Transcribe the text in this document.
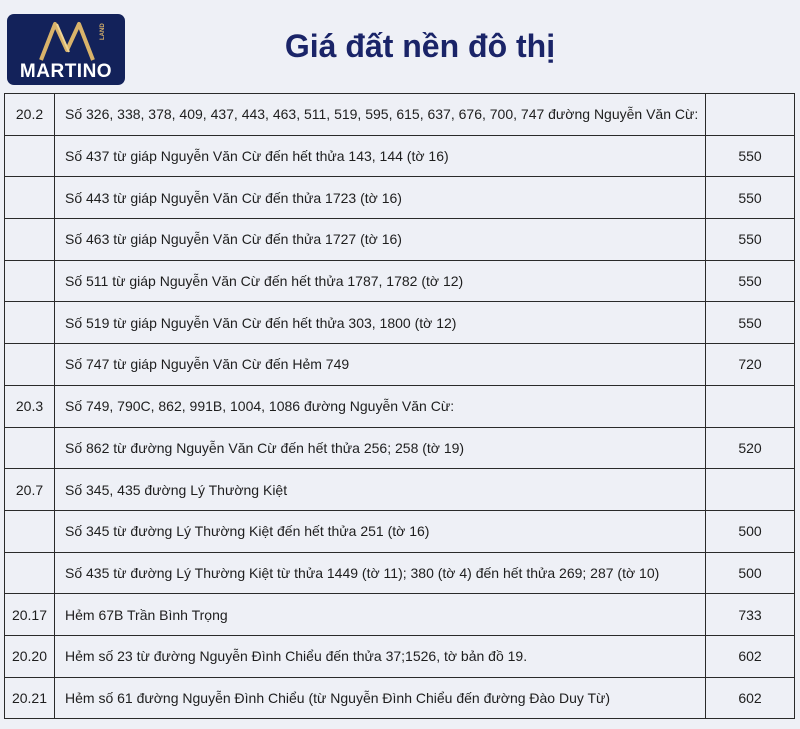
LAND
MARTINO
Giá đất nền đô thị
20.2	Số 326, 338, 378, 409, 437, 443, 463, 511, 519, 595, 615, 637, 676, 700, 747 đường Nguyễn Văn Cừ:	
	Số 437 từ giáp Nguyễn Văn Cừ đến hết thửa 143, 144 (tờ 16)	550
	Số 443 từ giáp Nguyễn Văn Cừ đến thửa 1723 (tờ 16)	550
	Số 463 từ giáp Nguyễn Văn Cừ đến thửa 1727 (tờ 16)	550
	Số 511 từ giáp Nguyễn Văn Cừ đến hết thửa 1787, 1782 (tờ 12)	550
	Số 519 từ giáp Nguyễn Văn Cừ đến hết thửa 303, 1800 (tờ 12)	550
	Số 747 từ giáp Nguyễn Văn Cừ đến Hẻm 749	720
20.3	Số 749, 790C, 862, 991B, 1004, 1086 đường Nguyễn Văn Cừ:	
	Số 862 từ đường Nguyễn Văn Cừ đến hết thửa 256; 258 (tờ 19)	520
20.7	Số 345, 435 đường Lý Thường Kiệt	
	Số 345 từ đường Lý Thường Kiệt đến hết thửa 251 (tờ 16)	500
	Số 435 từ đường Lý Thường Kiệt từ thửa 1449 (tờ 11); 380 (tờ 4) đến hết thửa 269; 287 (tờ 10)	500
20.17	Hẻm 67B Trần Bình Trọng	733
20.20	Hẻm số 23 từ đường Nguyễn Đình Chiểu đến thửa 37;1526, tờ bản đồ 19.	602
20.21	Hẻm số 61 đường Nguyễn Đình Chiểu (từ Nguyễn Đình Chiểu đến đường Đào Duy Từ)	602
